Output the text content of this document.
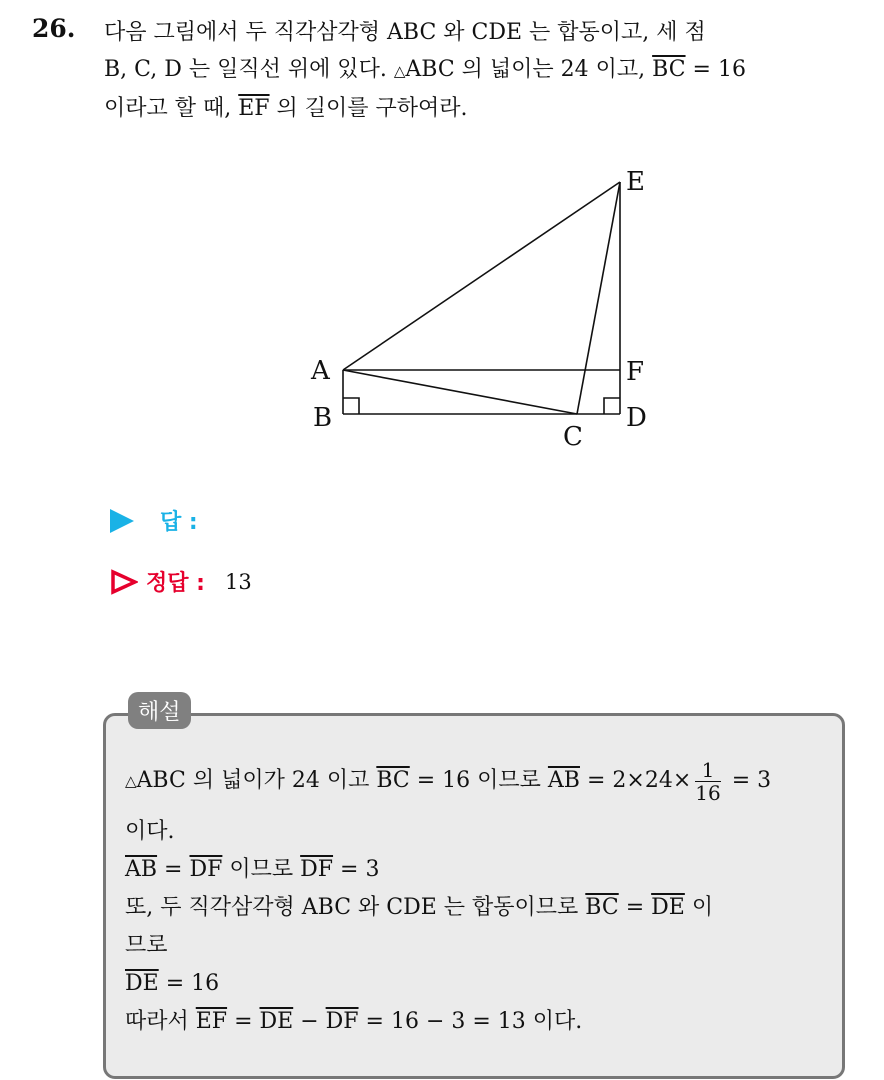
26. 다음 그림에서 두 직각삼각형 ABC 와 CDE 는 합동이고, 세 점
B, C, D 는 일직선 위에 있다. △ABC 의 넓이는 24 이고, $\overline{BC} = 16$
이라고 할 때, $\overline{EF}$ 의 길이를 구하여라.
E
A	F
B	D
C
답 :
정답 : 13
해설
△ ABC 의 넓이가 24 이고 $\overline{BC} = 16$ 이므로 $\overline{AB} = 2\times 24\times \frac{1}{16} = 3$
이다.
$\overline{AB} = \overline{DF}$ 이므로 $\overline{DF} = 3$
또, 두 직각삼각형 ABC 와 CDE 는 합동이므로 $\overline{BC} = \overline{DE}$ 이
므로
$\overline{DE} = 16$
따라서 $\overline{EF} = \overline{DE} - \overline{DF} = 16 - 3 = 13$ 이다.
